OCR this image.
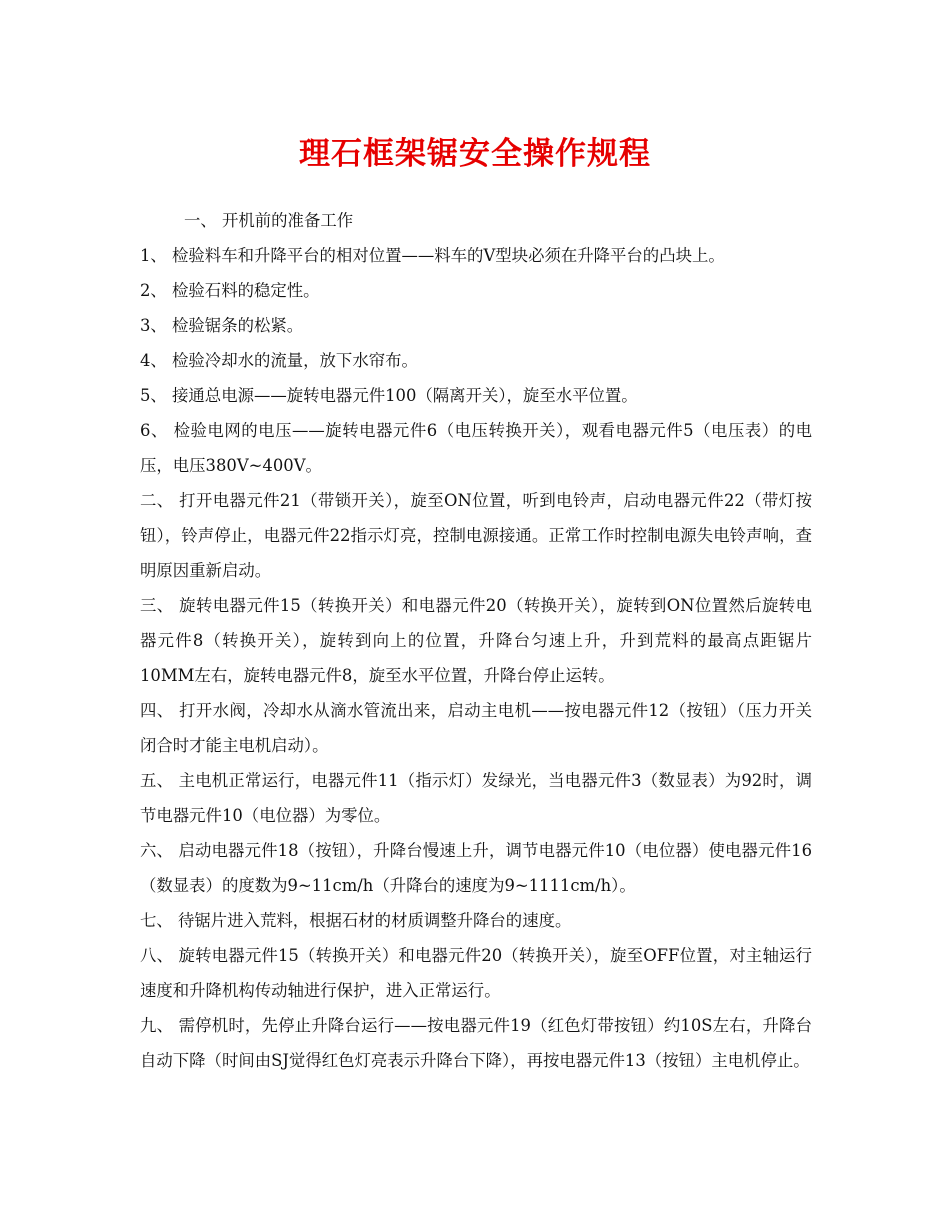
理石框架锯安全操作规程

一、 开机前的准备工作

1、 检验料车和升降平台的相对位置——料车的V型块必须在升降平台的凸块上。

2、 检验石料的稳定性。

3、 检验锯条的松紧。

4、 检验冷却水的流量，放下水帘布。

5、 接通总电源——旋转电器元件100（隔离开关），旋至水平位置。

6、 检验电网的电压——旋转电器元件6（电压转换开关），观看电器元件5（电压表）的电压，电压380V~400V。

二、 打开电器元件21（带锁开关），旋至ON位置，听到电铃声，启动电器元件22（带灯按钮），铃声停止，电器元件22指示灯亮，控制电源接通。正常工作时控制电源失电铃声响，查明原因重新启动。

三、 旋转电器元件15（转换开关）和电器元件20（转换开关），旋转到ON位置然后旋转电器元件8（转换开关），旋转到向上的位置，升降台匀速上升，升到荒料的最高点距锯片10MM左右，旋转电器元件8，旋至水平位置，升降台停止运转。

四、 打开水阀，冷却水从滴水管流出来，启动主电机——按电器元件12（按钮）（压力开关闭合时才能主电机启动）。

五、 主电机正常运行，电器元件11（指示灯）发绿光，当电器元件3（数显表）为92时，调节电器元件10（电位器）为零位。

六、 启动电器元件18（按钮），升降台慢速上升，调节电器元件10（电位器）使电器元件16（数显表）的度数为9~11cm/h（升降台的速度为9~1111cm/h）。

七、 待锯片进入荒料，根据石材的材质调整升降台的速度。

八、 旋转电器元件15（转换开关）和电器元件20（转换开关），旋至OFF位置，对主轴运行速度和升降机构传动轴进行保护，进入正常运行。

九、 需停机时，先停止升降台运行——按电器元件19（红色灯带按钮）约10S左右，升降台自动下降（时间由SJ觉得红色灯亮表示升降台下降），再按电器元件13（按钮）主电机停止。
